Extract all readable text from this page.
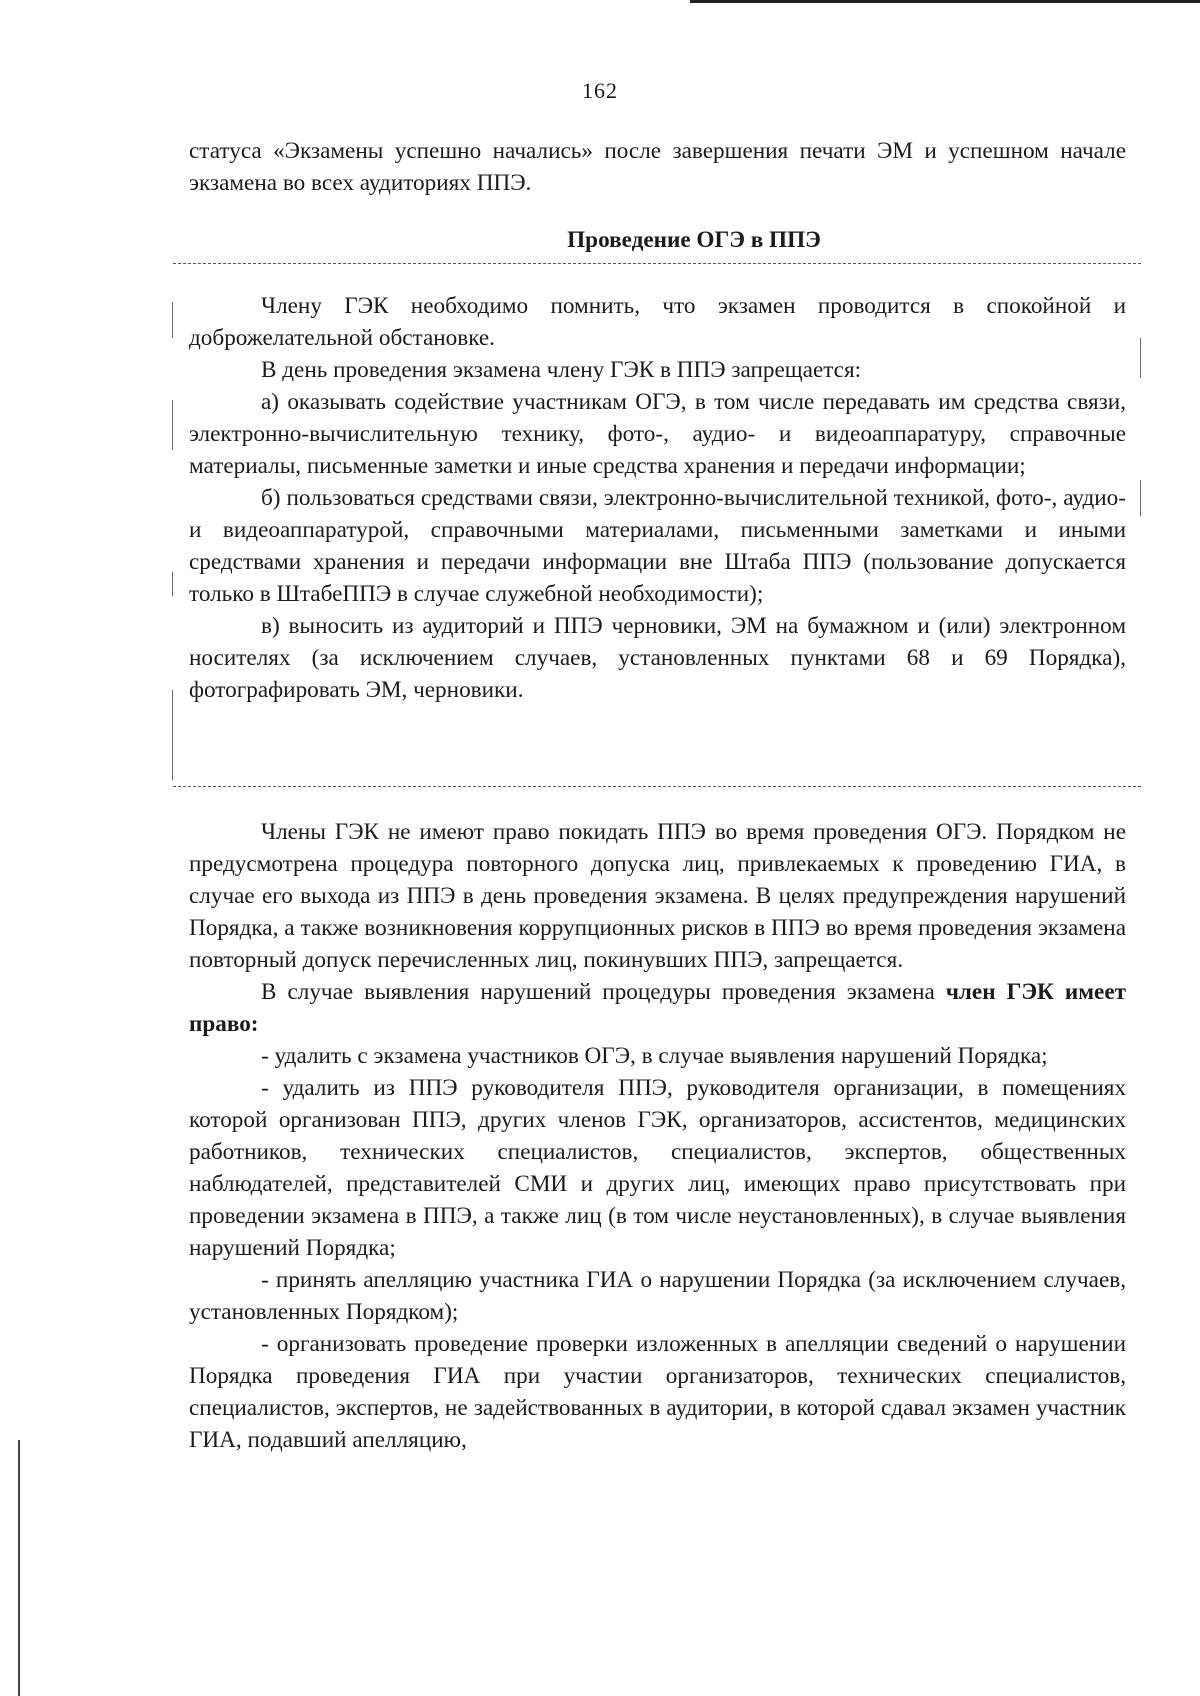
162

статуса «Экзамены успешно начались» после завершения печати ЭМ и успешном начале экзамена во всех аудиториях ППЭ.

Проведение ОГЭ в ППЭ

Члену ГЭК необходимо помнить, что экзамен проводится в спокойной и доброжелательной обстановке.

В день проведения экзамена члену ГЭК в ППЭ запрещается:

а) оказывать содействие участникам ОГЭ, в том числе передавать им средства связи, электронно-вычислительную технику, фото-, аудио- и видеоаппаратуру, справочные материалы, письменные заметки и иные средства хранения и передачи информации;

б) пользоваться средствами связи, электронно-вычислительной техникой, фото-, аудио- и видеоаппаратурой, справочными материалами, письменными заметками и иными средствами хранения и передачи информации вне Штаба ППЭ (пользование допускается только в ШтабеППЭ в случае служебной необходимости);

в) выносить из аудиторий и ППЭ черновики, ЭМ на бумажном и (или) электронном носителях (за исключением случаев, установленных пунктами 68 и 69 Порядка), фотографировать ЭМ, черновики.

Члены ГЭК не имеют право покидать ППЭ во время проведения ОГЭ. Порядком не предусмотрена процедура повторного допуска лиц, привлекаемых к проведению ГИА, в случае его выхода из ППЭ в день проведения экзамена. В целях предупреждения нарушений Порядка, а также возникновения коррупционных рисков в ППЭ во время проведения экзамена повторный допуск перечисленных лиц, покинувших ППЭ, запрещается.

В случае выявления нарушений процедуры проведения экзамена член ГЭК имеет право:

- удалить с экзамена участников ОГЭ, в случае выявления нарушений Порядка;

- удалить из ППЭ руководителя ППЭ, руководителя организации, в помещениях которой организован ППЭ, других членов ГЭК, организаторов, ассистентов, медицинских работников, технических специалистов, специалистов, экспертов, общественных наблюдателей, представителей СМИ и других лиц, имеющих право присутствовать при проведении экзамена в ППЭ, а также лиц (в том числе неустановленных), в случае выявления нарушений Порядка;

- принять апелляцию участника ГИА о нарушении Порядка (за исключением случаев, установленных Порядком);

- организовать проведение проверки изложенных в апелляции сведений о нарушении Порядка проведения ГИА при участии организаторов, технических специалистов, специалистов, экспертов, не задействованных в аудитории, в которой сдавал экзамен участник ГИА, подавший апелляцию,
